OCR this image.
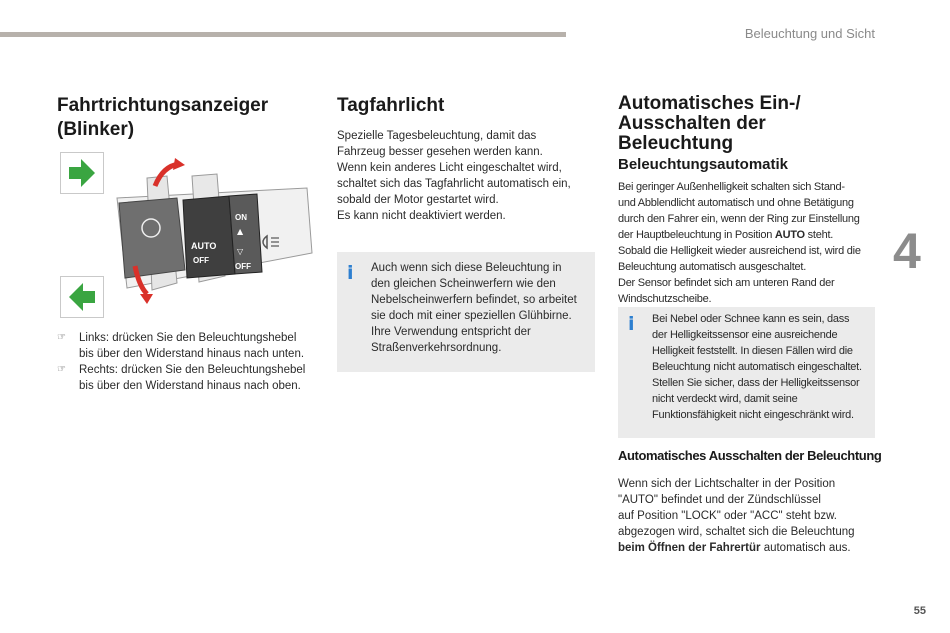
Beleuchtung und Sicht
Fahrtrichtungsanzeiger
(Blinker)
AUTO
OFF
ON
▲
▽
OFF
☞ Links: drücken Sie den Beleuchtungshebel bis über den Widerstand hinaus nach unten.
☞ Rechts: drücken Sie den Beleuchtungshebel bis über den Widerstand hinaus nach oben.
Tagfahrlicht
Spezielle Tagesbeleuchtung, damit das
Fahrzeug besser gesehen werden kann.
Wenn kein anderes Licht eingeschaltet wird,
schaltet sich das Tagfahrlicht automatisch ein,
sobald der Motor gestartet wird.
Es kann nicht deaktiviert werden.
i Auch wenn sich diese Beleuchtung in
den gleichen Scheinwerfern wie den
Nebelscheinwerfern befindet, so arbeitet
sie doch mit einer speziellen Glühbirne.
Ihre Verwendung entspricht der
Straßenverkehrsordnung.
Automatisches Ein-/
Ausschalten der Beleuchtung
Beleuchtungsautomatik
Bei geringer Außenhelligkeit schalten sich Stand-
und Abblendlicht automatisch und ohne Betätigung
durch den Fahrer ein, wenn der Ring zur Einstellung
der Hauptbeleuchtung in Position AUTO steht.
Sobald die Helligkeit wieder ausreichend ist, wird die
Beleuchtung automatisch ausgeschaltet.
Der Sensor befindet sich am unteren Rand der
Windschutzscheibe.
i Bei Nebel oder Schnee kann es sein, dass
der Helligkeitssensor eine ausreichende
Helligkeit feststellt. In diesen Fällen wird die
Beleuchtung nicht automatisch eingeschaltet.
Stellen Sie sicher, dass der Helligkeitssensor
nicht verdeckt wird, damit seine
Funktionsfähigkeit nicht eingeschränkt wird.
Automatisches Ausschalten der Beleuchtung
Wenn sich der Lichtschalter in der Position
"AUTO" befindet und der Zündschlüssel
auf Position "LOCK" oder "ACC" steht bzw.
abgezogen wird, schaltet sich die Beleuchtung
beim Öffnen der Fahrertür automatisch aus.
4
55
